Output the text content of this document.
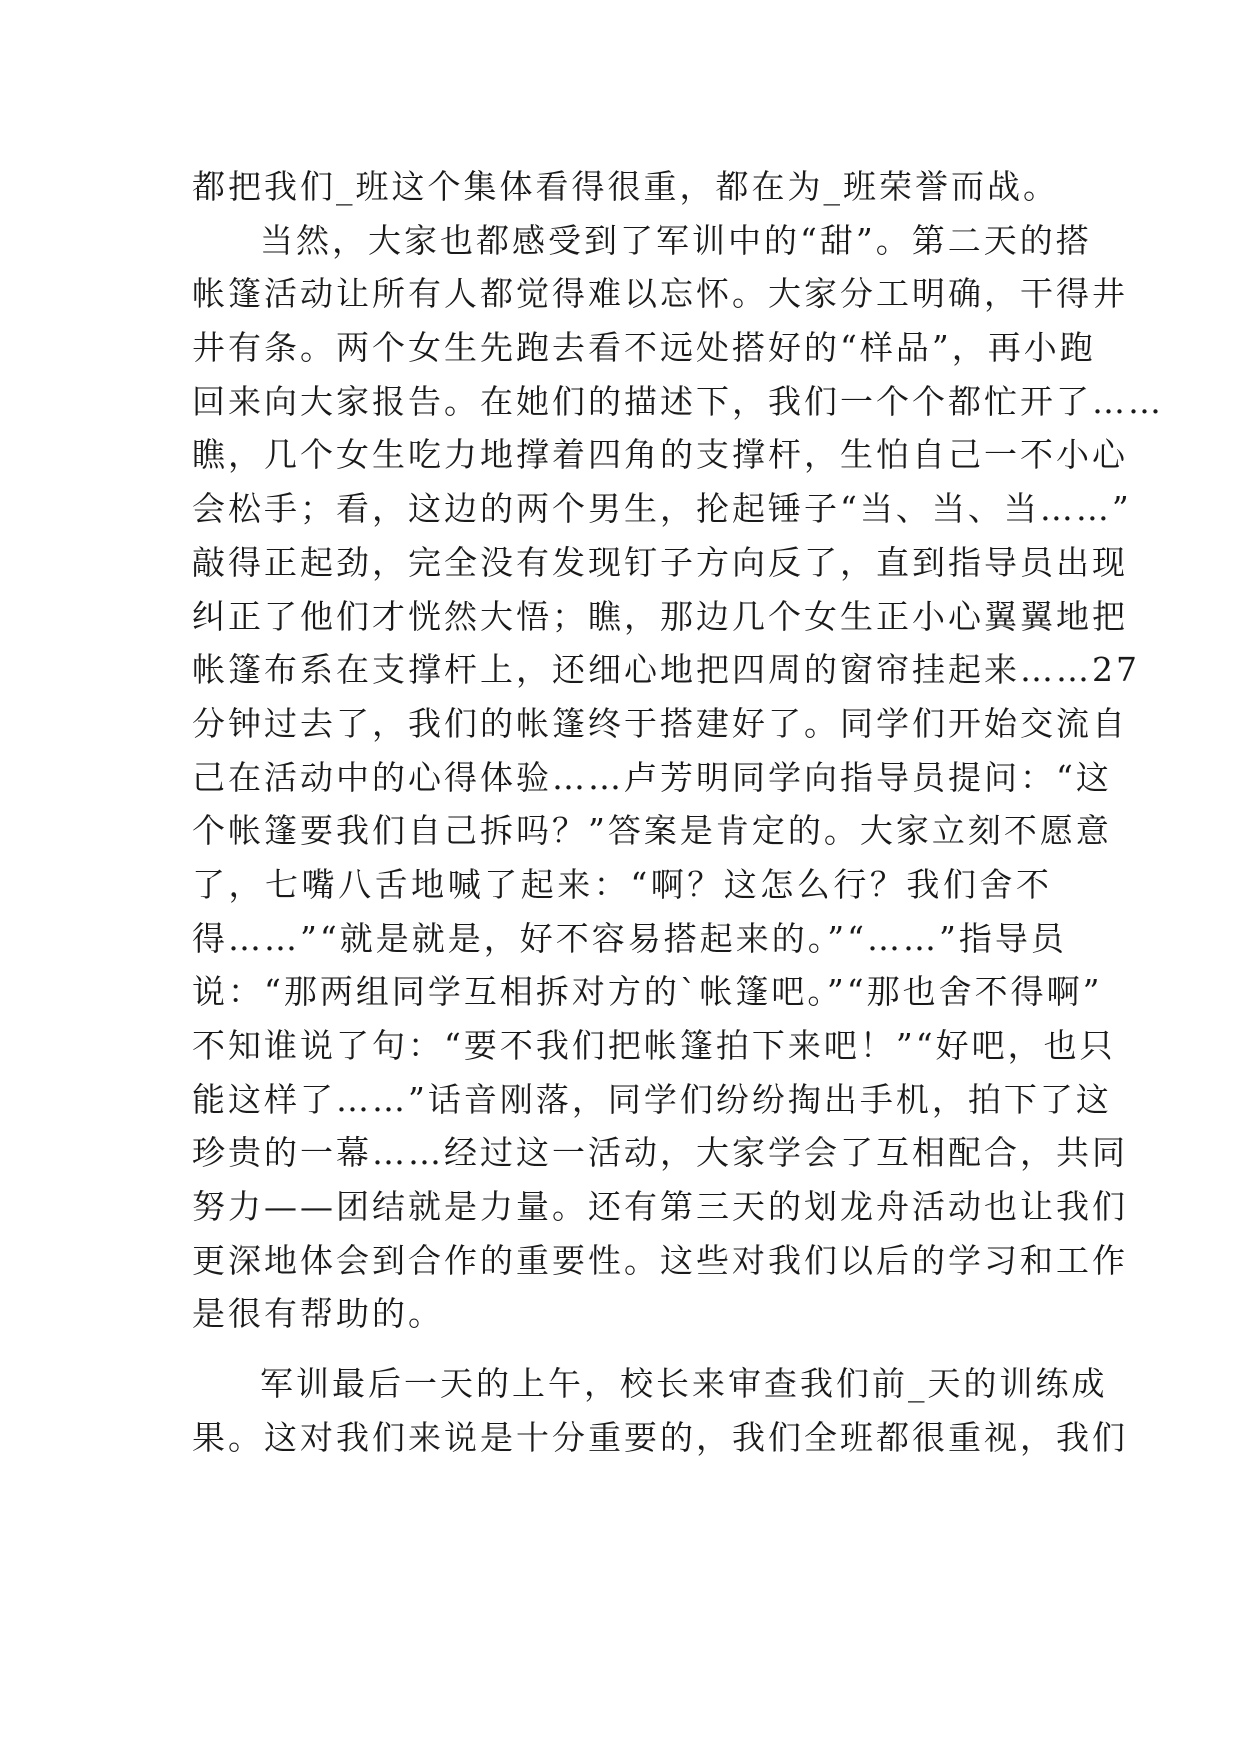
都把我们_班这个集体看得很重，都在为_班荣誉而战。
当然，大家也都感受到了军训中的“甜”。第二天的搭
帐篷活动让所有人都觉得难以忘怀。大家分工明确，干得井
井有条。两个女生先跑去看不远处搭好的“样品”，再小跑
回来向大家报告。在她们的描述下，我们一个个都忙开了……
瞧，几个女生吃力地撑着四角的支撑杆，生怕自己一不小心
会松手；看，这边的两个男生，抡起锤子“当、当、当……”
敲得正起劲，完全没有发现钉子方向反了，直到指导员出现
纠正了他们才恍然大悟；瞧，那边几个女生正小心翼翼地把
帐篷布系在支撑杆上，还细心地把四周的窗帘挂起来……27
分钟过去了，我们的帐篷终于搭建好了。同学们开始交流自
己在活动中的心得体验……卢芳明同学向指导员提问：“这
个帐篷要我们自己拆吗？”答案是肯定的。大家立刻不愿意
了，七嘴八舌地喊了起来：“啊？这怎么行？我们舍不
得……”“就是就是，好不容易搭起来的。”“……”指导员
说：“那两组同学互相拆对方的`帐篷吧。”“那也舍不得啊”
不知谁说了句：“要不我们把帐篷拍下来吧！”“好吧，也只
能这样了……”话音刚落，同学们纷纷掏出手机，拍下了这
珍贵的一幕……经过这一活动，大家学会了互相配合，共同
努力——团结就是力量。还有第三天的划龙舟活动也让我们
更深地体会到合作的重要性。这些对我们以后的学习和工作
是很有帮助的。
军训最后一天的上午，校长来审查我们前_天的训练成
果。这对我们来说是十分重要的，我们全班都很重视，我们
